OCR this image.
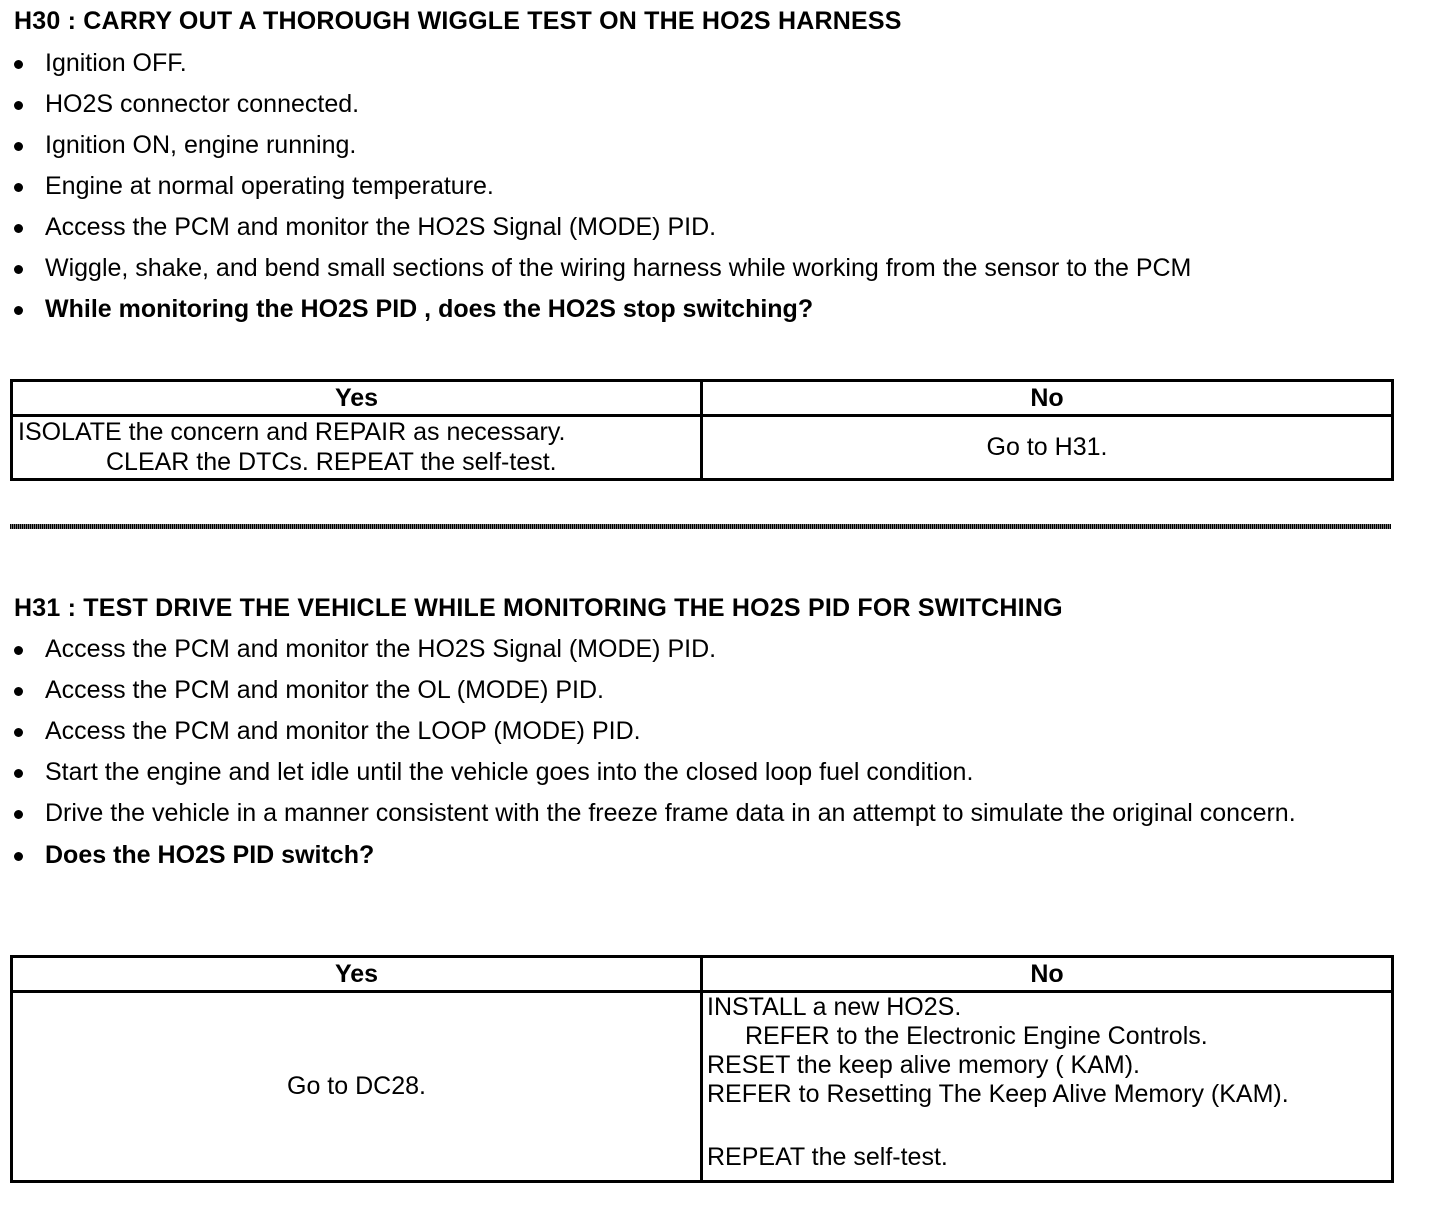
H30 : CARRY OUT A THOROUGH WIGGLE TEST ON THE HO2S HARNESS
Ignition OFF.
HO2S connector connected.
Ignition ON, engine running.
Engine at normal operating temperature.
Access the PCM and monitor the HO2S Signal (MODE) PID.
Wiggle, shake, and bend small sections of the wiring harness while working from the sensor to the PCM
While monitoring the HO2S PID , does the HO2S stop switching?
Yes	No

ISOLATE the concern and REPAIR as necessary.
CLEAR the DTCs. REPEAT the self-test.	Go to H31.
H31 : TEST DRIVE THE VEHICLE WHILE MONITORING THE HO2S PID FOR SWITCHING
Access the PCM and monitor the HO2S Signal (MODE) PID.
Access the PCM and monitor the OL (MODE) PID.
Access the PCM and monitor the LOOP (MODE) PID.
Start the engine and let idle until the vehicle goes into the closed loop fuel condition.
Drive the vehicle in a manner consistent with the freeze frame data in an attempt to simulate the original concern.
Does the HO2S PID switch?
Yes	No
Go to DC28.	INSTALL a new HO2S.
REFER to the Electronic Engine Controls.
RESET the keep alive memory ( KAM).
REFER to Resetting The Keep Alive Memory (KAM).
REPEAT the self-test.
